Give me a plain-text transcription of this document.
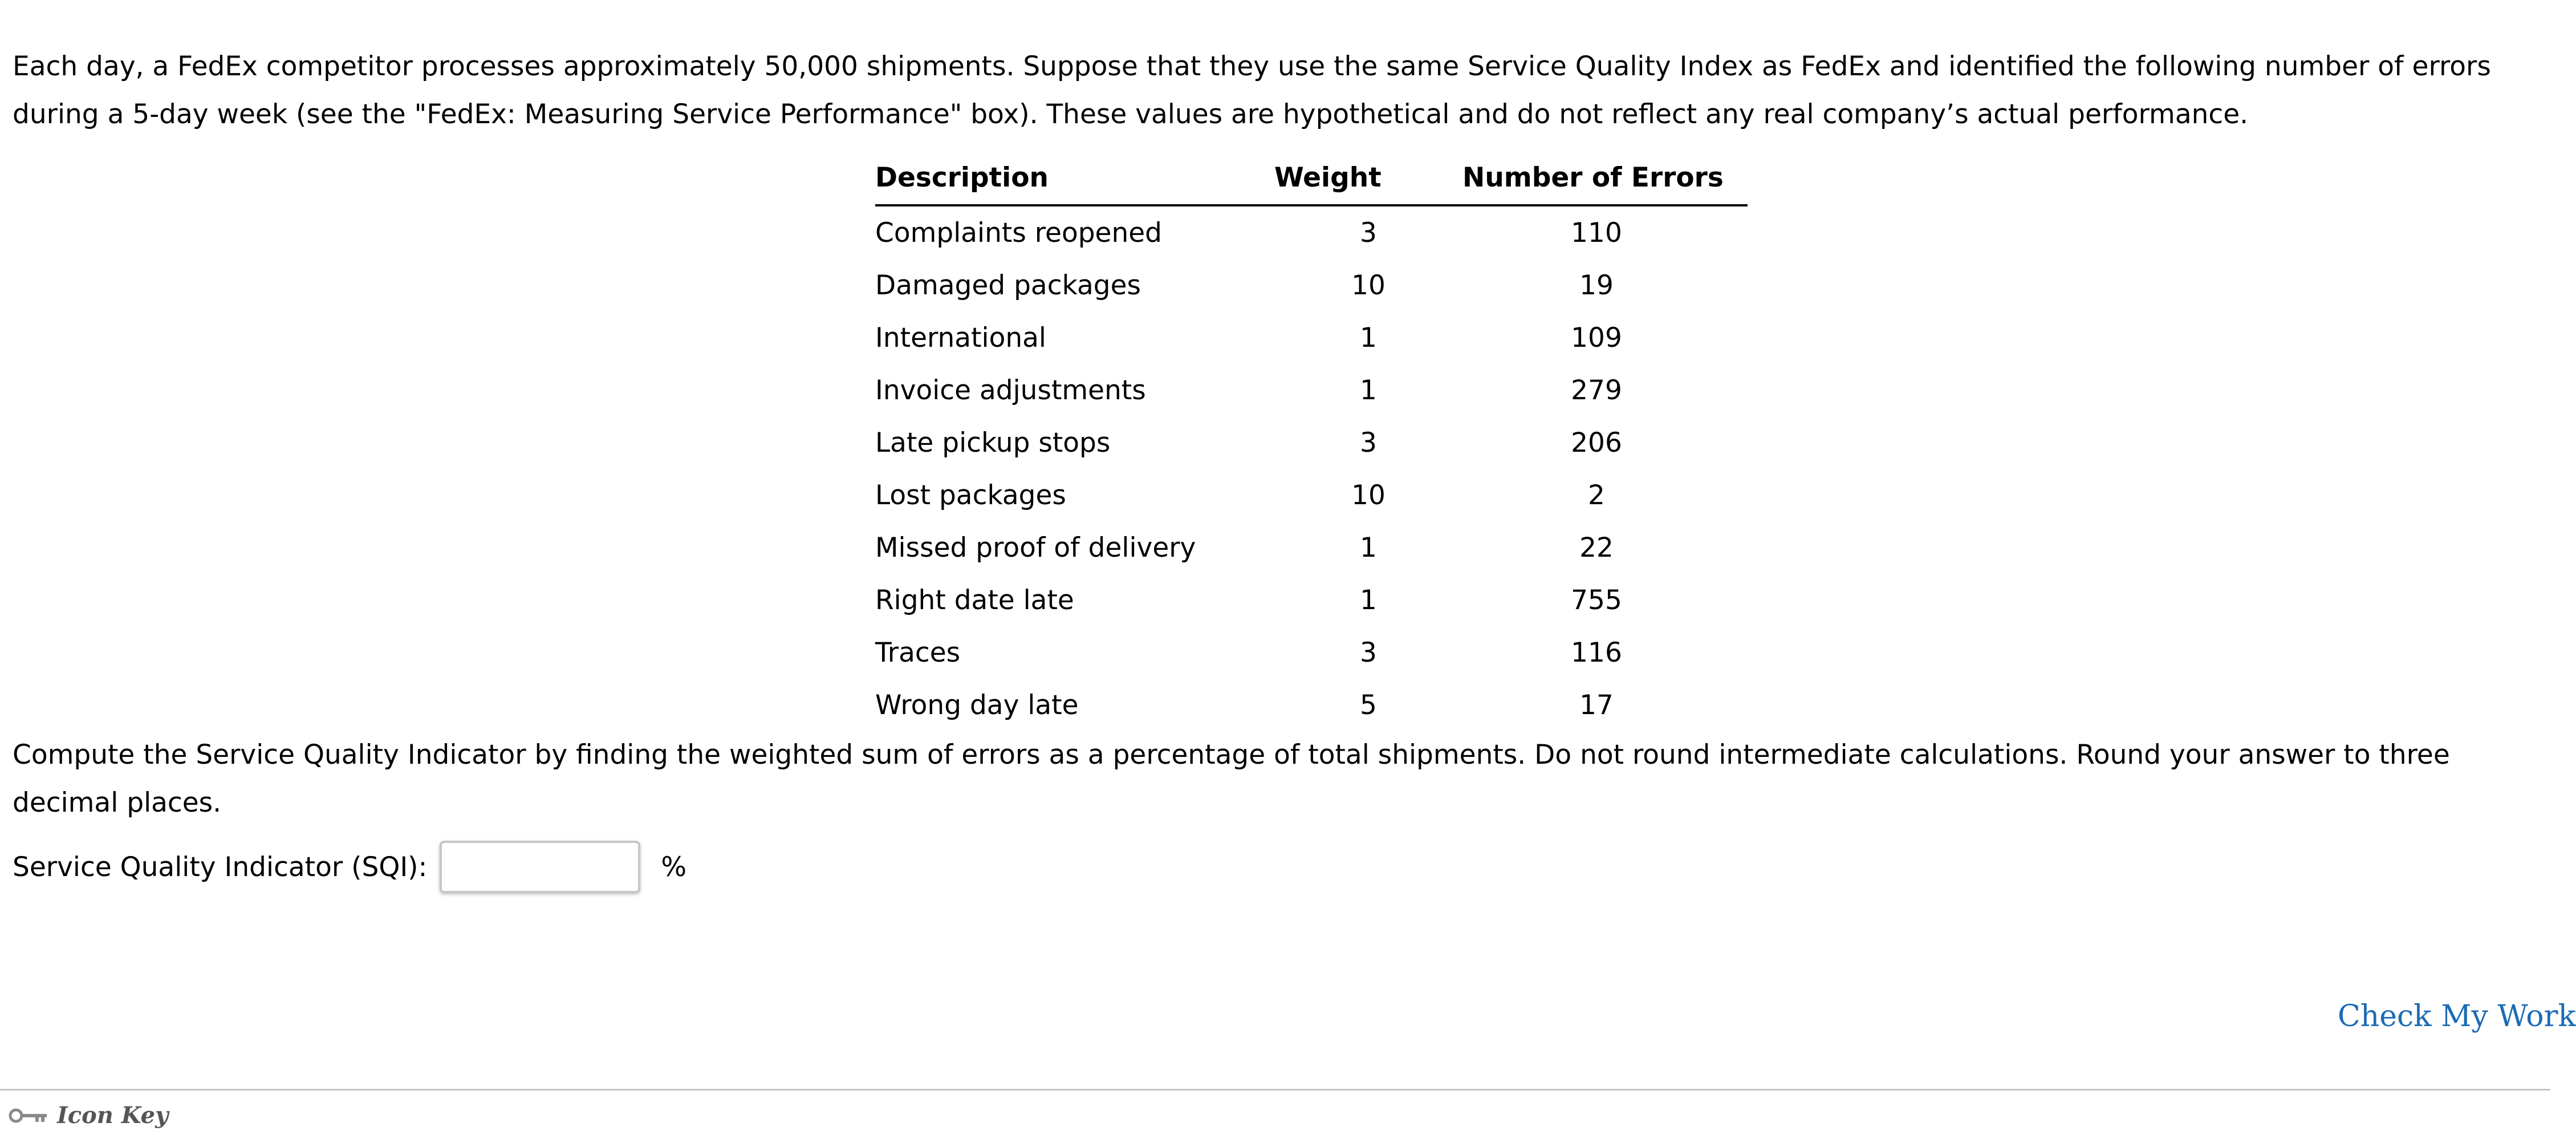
Each day, a FedEx competitor processes approximately 50,000 shipments. Suppose that they use the same Service Quality Index as FedEx and identified the following number of errors
during a 5-day week (see the "FedEx: Measuring Service Performance" box). These values are hypothetical and do not reflect any real company’s actual performance.
Description	Weight	Number of Errors
Complaints reopened	3	110
Damaged packages	10	19
International	1	109
Invoice adjustments	1	279
Late pickup stops	3	206
Lost packages	10	2
Missed proof of delivery	1	22
Right date late	1	755
Traces	3	116
Wrong day late	5	17
Compute the Service Quality Indicator by finding the weighted sum of errors as a percentage of total shipments. Do not round intermediate calculations. Round your answer to three
decimal places.
Service Quality Indicator (SQI):	%
Check My Work
Icon Key
